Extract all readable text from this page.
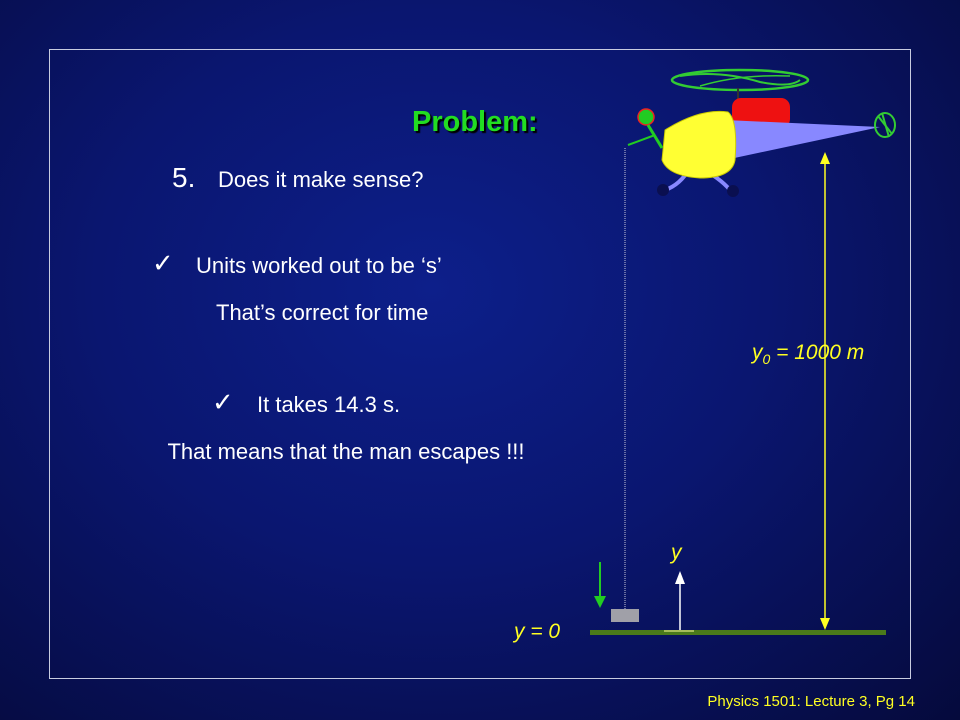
Problem:
5. Does it make sense?
✓ Units worked out to be ‘s’
That’s correct for time
✓ It takes 14.3 s.
That means that the man escapes !!!
$y_0 = 1000$ m
y = 0
y
Physics 1501: Lecture 3, Pg 14
